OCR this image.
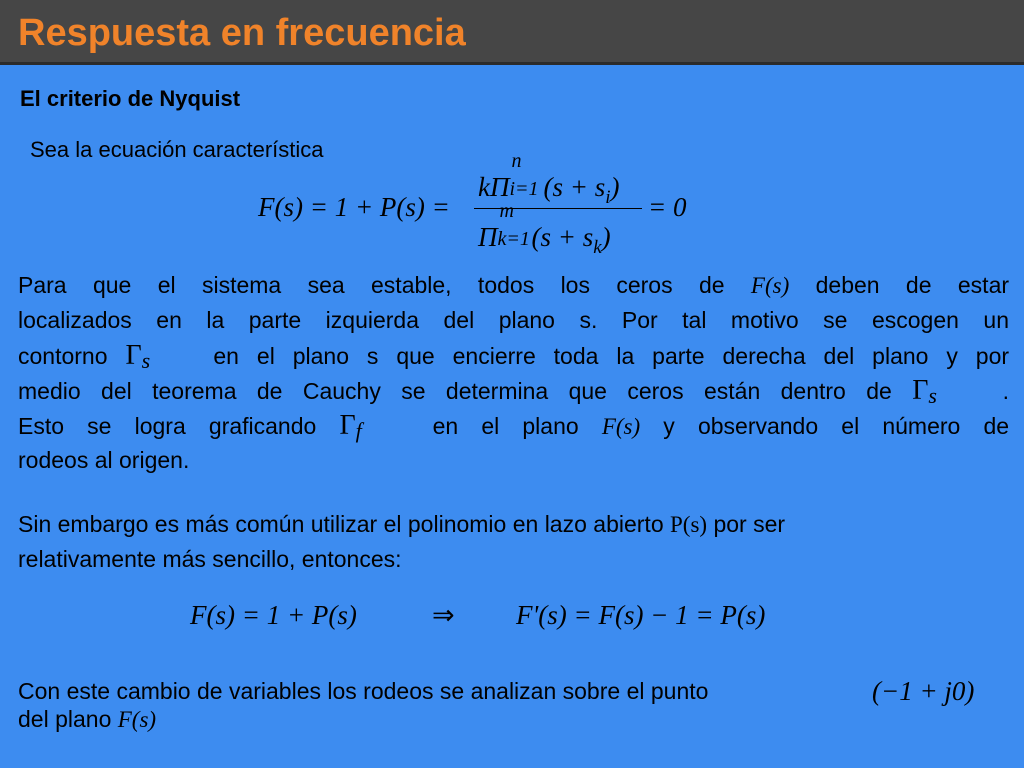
Respuesta en frecuencia
El criterio de Nyquist
Sea la ecuación característica
F(s) = 1 + P(s) =
kΠ
n
i=1 $(s + s_i)$
Π
m
k=1 $(s + s_k)$
= 0
Para que el sistema sea estable, todos los ceros de F(s) deben de estar
localizados en la parte izquierda del plano s. Por tal motivo se escogen un
contorno Γs	en el plano s que encierre toda la parte derecha del plano y por
medio del teorema de Cauchy se determina que ceros están dentro de Γs	.
Esto se logra graficando Γf	en el plano F(s) y observando el número de
rodeos al origen.
Sin embargo es más común utilizar el polinomio en lazo abierto P(s) por ser
relativamente más sencillo, entonces:
F(s) = 1 + P(s)	⇒ F'(s) = F(s) − 1 = P(s)
Con este cambio de variables los rodeos se analizan sobre el punto	(−1 + j0)
del plano F(s)
